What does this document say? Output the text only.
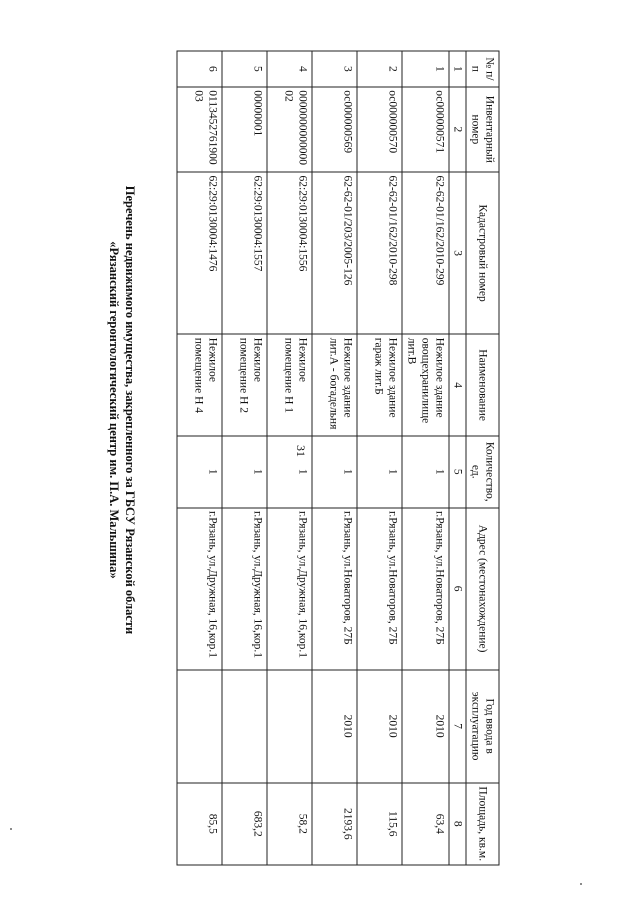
31
Перечень недвижимого имущества, закрепленного за ГБСУ Рязанской области
«Рязанский геронтологический центр им. П.А. Мальшина»
№ п/п	Инвентарный номер	Кадастровый номер	Наименование	Количество, ед.	Адрес (местонахождение)	Год ввода в эксплуатацию	Площадь, кв.м.
1	2	3	4	5	6	7	8
1	ос000000571	62-62-01/162/2010-299	Нежилое здание овощехранилище лит.В	1	г.Рязань, ул.Новаторов, 27Б	2010	63,4
2	ос000000570	62-62-01/162/2010-298	Нежилое здание гараж лит.Б	1	г.Рязань, ул.Новаторов, 27Б	2010	115,6
3	ос000000569	62-62-01/203/2005-126	Нежилое здание лит.А - богадельня	1	г.Рязань, ул.Новаторов, 27Б	2010	2193,6
4	000000000000002	62:29:0130004:1556	Нежилое помещение Н 1	1	г.Рязань, ул.Дружная, 16,кор.1		58,2
5	00000001	62:29:0130004:1557	Нежилое помещение Н 2	1	г.Рязань, ул.Дружная, 16,кор.1		683,2
6	011345276190003	62:29:0130004:1476	Нежилое помещение Н 4	1	г.Рязань, ул.Дружная, 16,кор.1		85,5
